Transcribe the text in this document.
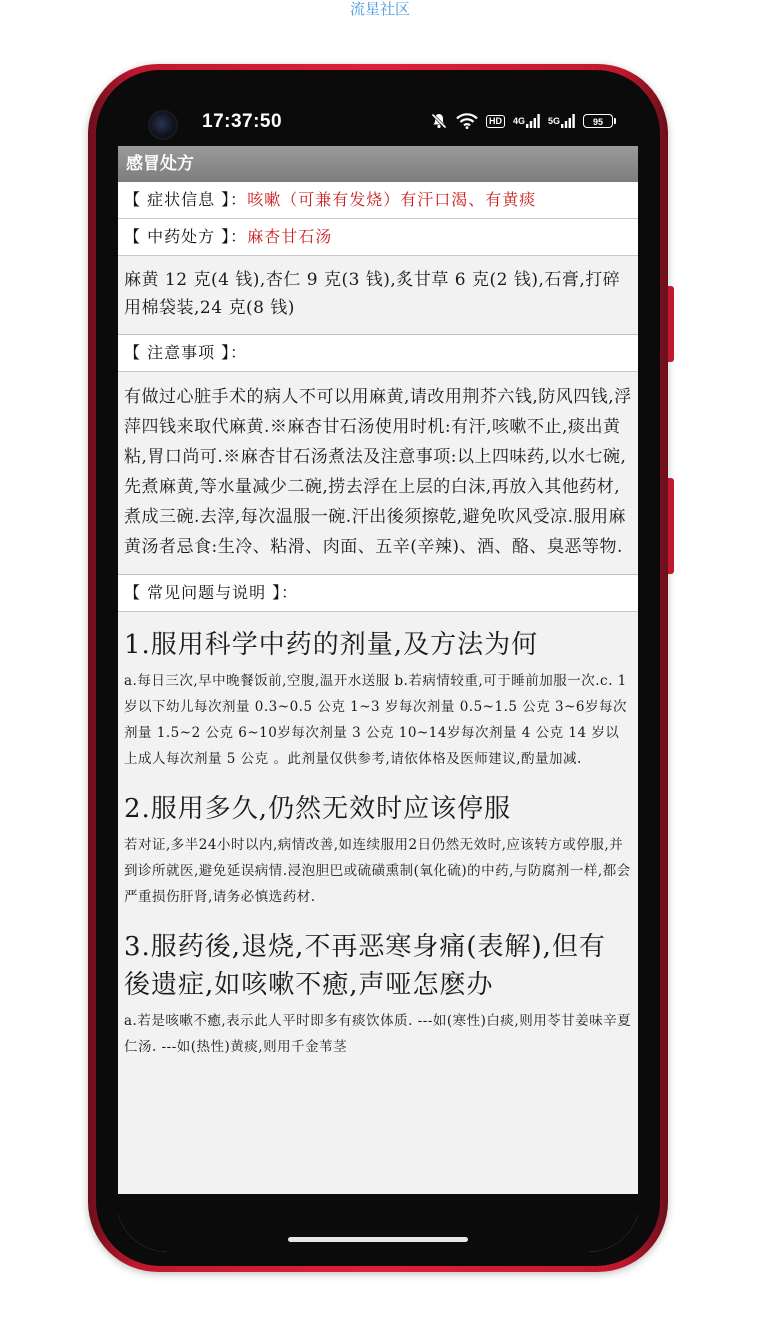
流星社区
17:37:50	HD	4G	5G	95
感冒处方
【 症状信息 】：咳嗽（可兼有发烧）有汗口渴、有黄痰
【 中药处方 】：麻杏甘石汤
麻黄 12 克(4 钱),杏仁 9 克(3 钱),炙甘草 6 克(2 钱),石膏,打碎用棉袋装,24 克(8 钱)
【 注意事项 】：
有做过心脏手术的病人不可以用麻黄,请改用荆芥六钱,防风四钱,浮萍四钱来取代麻黄.※麻杏甘石汤使用时机:有汗,咳嗽不止,痰出黄粘,胃口尚可.※麻杏甘石汤煮法及注意事项:以上四味药,以水七碗,先煮麻黄,等水量减少二碗,捞去浮在上层的白沫,再放入其他药材,煮成三碗.去滓,每次温服一碗.汗出後须擦乾,避免吹风受凉.服用麻黄汤者忌食:生冷、粘滑、肉面、五辛(辛辣)、酒、酪、臭恶等物.
【 常见问题与说明 】：
1.服用科学中药的剂量,及方法为何
a.每日三次,早中晚餐饭前,空腹,温开水送服 b.若病情较重,可于睡前加服一次.c. 1 岁以下幼儿每次剂量 0.3~0.5 公克 1~3 岁每次剂量 0.5~1.5 公克 3~6岁每次剂量 1.5~2 公克 6~10岁每次剂量 3 公克 10~14岁每次剂量 4 公克 14 岁以上成人每次剂量 5 公克 。此剂量仅供参考,请依体格及医师建议,酌量加减.
2.服用多久,仍然无效时应该停服
若对证,多半24小时以内,病情改善,如连续服用2日仍然无效时,应该转方或停服,并到诊所就医,避免延误病情.浸泡胆巴或硫磺熏制(氧化硫)的中药,与防腐剂一样,都会严重损伤肝肾,请务必慎选药材.
3.服药後,退烧,不再恶寒身痛(表解),但有後遗症,如咳嗽不癒,声哑怎麽办
a.若是咳嗽不癒,表示此人平时即多有痰饮体质. ---如(寒性)白痰,则用苓甘姜味辛夏仁汤. ---如(热性)黄痰,则用千金苇茎
